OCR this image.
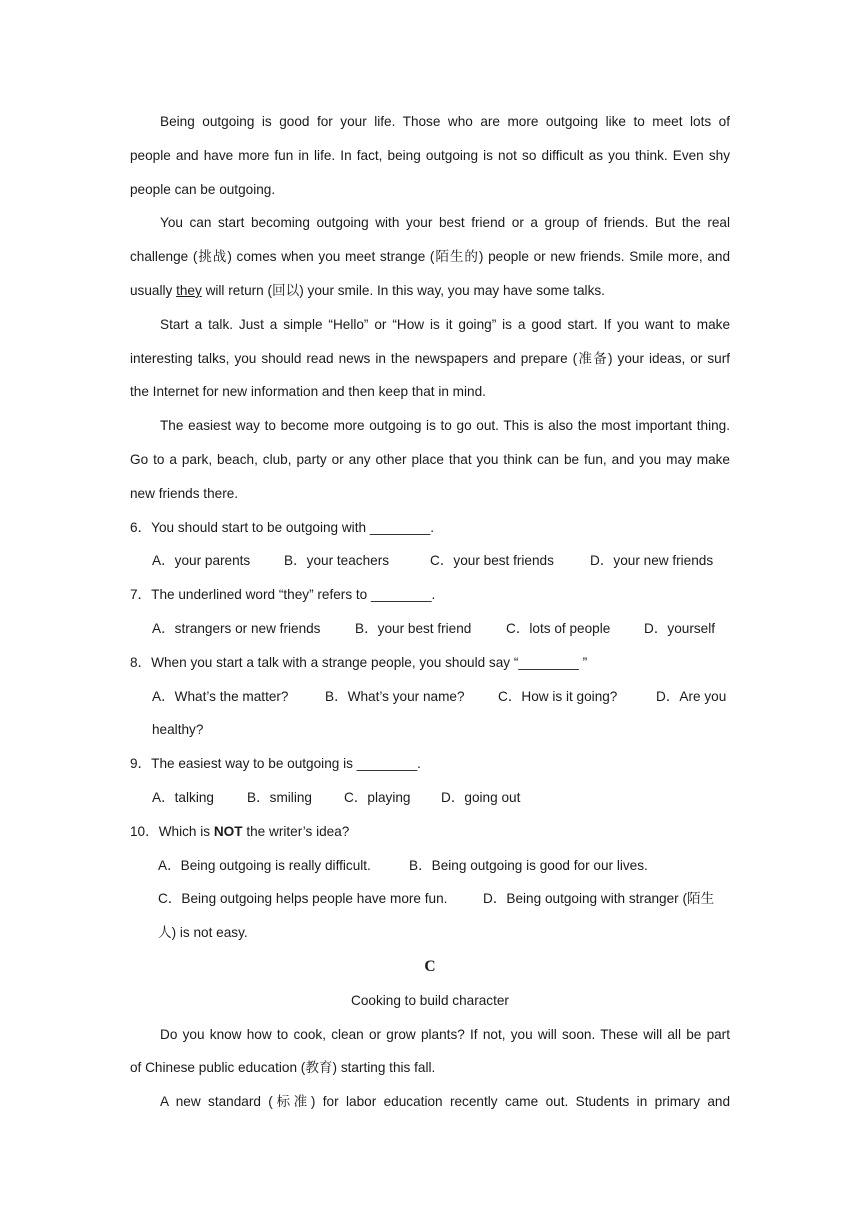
Being outgoing is good for your life. Those who are more outgoing like to meet lots of
people and have more fun in life. In fact, being outgoing is not so difficult as you think. Even shy
people can be outgoing.
You can start becoming outgoing with your best friend or a group of friends. But the real
challenge (挑战) comes when you meet strange (陌生的) people or new friends. Smile more, and
usually they will return (回以) your smile. In this way, you may have some talks.
Start a talk. Just a simple “Hello” or “How is it going” is a good start. If you want to make
interesting talks, you should read news in the newspapers and prepare (准备) your ideas, or surf
the Internet for new information and then keep that in mind.
The easiest way to become more outgoing is to go out. This is also the most important thing.
Go to a park, beach, club, party or any other place that you think can be fun, and you may make
new friends there.
6．You should start to be outgoing with ________.
A．your parents	B．your teachers	C．your best friends	D．your new friends
7．The underlined word “they” refers to ________.
A．strangers or new friends	B．your best friend	C．lots of people	D．yourself
8．When you start a talk with a strange people, you should say “________ ”
A．What’s the matter?	B．What’s your name?	C．How is it going?	D．Are you
healthy?
9．The easiest way to be outgoing is ________.
A．talking	B．smiling	C．playing	D．going out
10．Which is NOT the writer’s idea?
A．Being outgoing is really difficult.	B．Being outgoing is good for our lives.
C．Being outgoing helps people have more fun.	D．Being outgoing with stranger (陌生
人) is not easy.
C
Cooking to build character
Do you know how to cook, clean or grow plants? If not, you will soon. These will all be part
of Chinese public education (教育) starting this fall.
A new standard (标准) for labor education recently came out. Students in primary and
